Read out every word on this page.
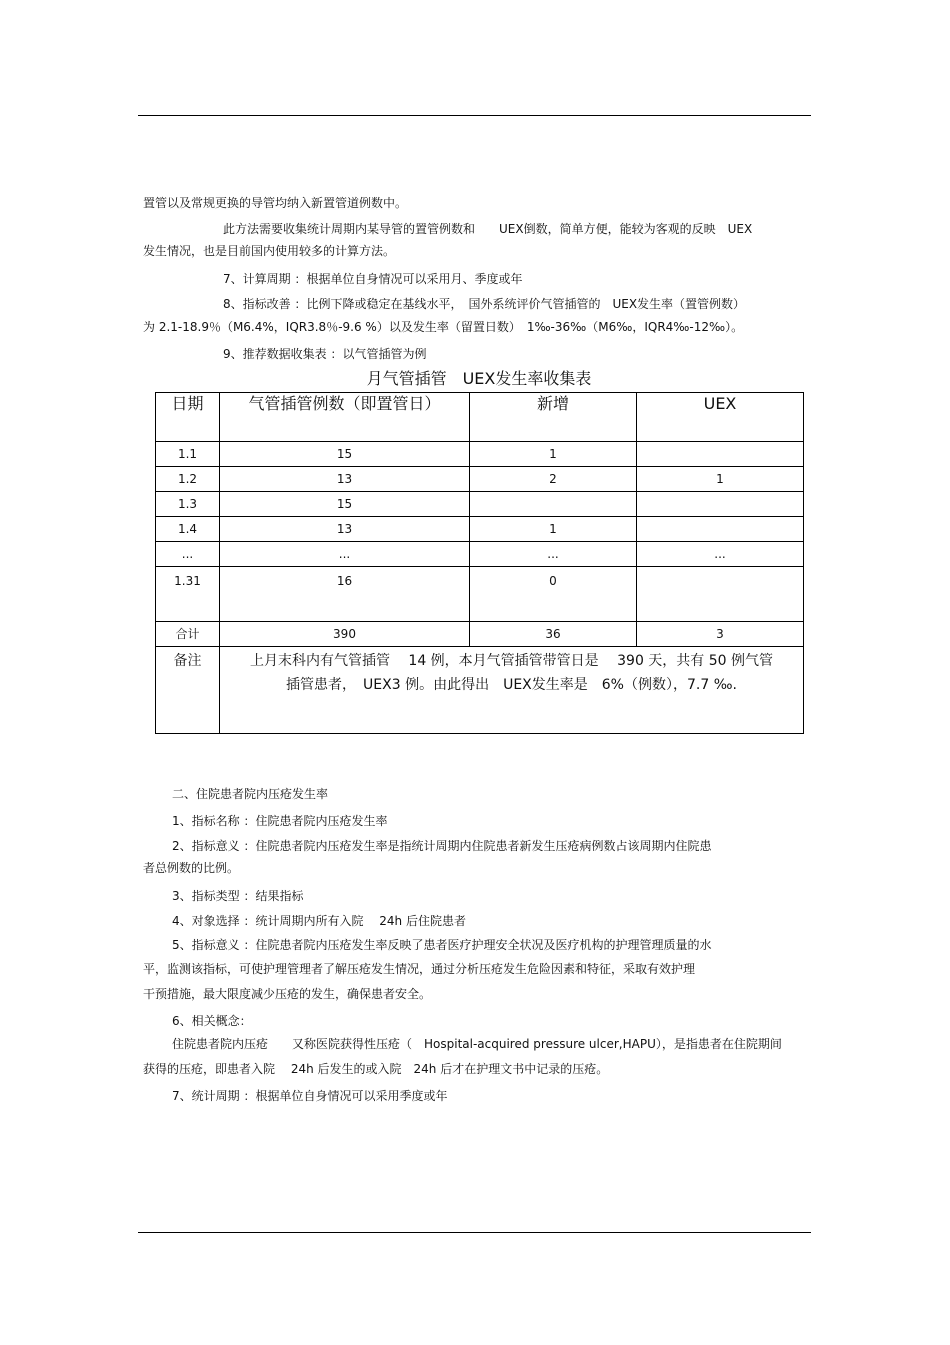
置管以及常规更换的导管均纳入新置管道例数中。
此方法需要收集统计周期内某导管的置管例数和　　UEX倒数，简单方便，能较为客观的反映　UEX
发生情况，也是目前国内使用较多的计算方法。
7、计算周期 ：根据单位自身情况可以采用月、季度或年
8、指标改善 ：比例下降或稳定在基线水平，　国外系统评价气管插管的　UEX发生率（置管例数）
为 2.1-18.9％（M6.4%，IQR3.8％-9.6 %）以及发生率（留置日数）　1‰-36‰（M6‰，IQR4‰-12‰）。
9、推荐数据收集表 ：以气管插管为例
月气管插管　UEX发生率收集表
日期	气管插管例数（即置管日）	新增	UEX
1.1	15	1	
1.2	13	2	1
1.3	15		
1.4	13	1	
...	...	...	...
1.31	16	0	
合计	390	36	3
备注	上月末科内有气管插管　 14 例，本月气管插管带管日是　 390 天，共有 50 例气管
插管患者，　UEX3 例。由此得出　UEX发生率是　6%（例数），7.7 ‰.		
二、住院患者院内压疮发生率
1、指标名称 ：住院患者院内压疮发生率
2、指标意义 ：住院患者院内压疮发生率是指统计周期内住院患者新发生压疮病例数占该周期内住院患
者总例数的比例。
3、指标类型 ：结果指标
4、对象选择 ：统计周期内所有入院　 24h 后住院患者
5、指标意义 ：住院患者院内压疮发生率反映了患者医疗护理安全状况及医疗机构的护理管理质量的水
平，监测该指标，可使护理管理者了解压疮发生情况，通过分析压疮发生危险因素和特征，采取有效护理
干预措施，最大限度减少压疮的发生，确保患者安全。
6、相关概念：
住院患者院内压疮　　又称医院获得性压疮（　Hospital-acquired pressure ulcer,HAPU），是指患者在住院期间
获得的压疮，即患者入院　 24h 后发生的或入院　24h 后才在护理文书中记录的压疮。
7、统计周期 ：根据单位自身情况可以采用季度或年
